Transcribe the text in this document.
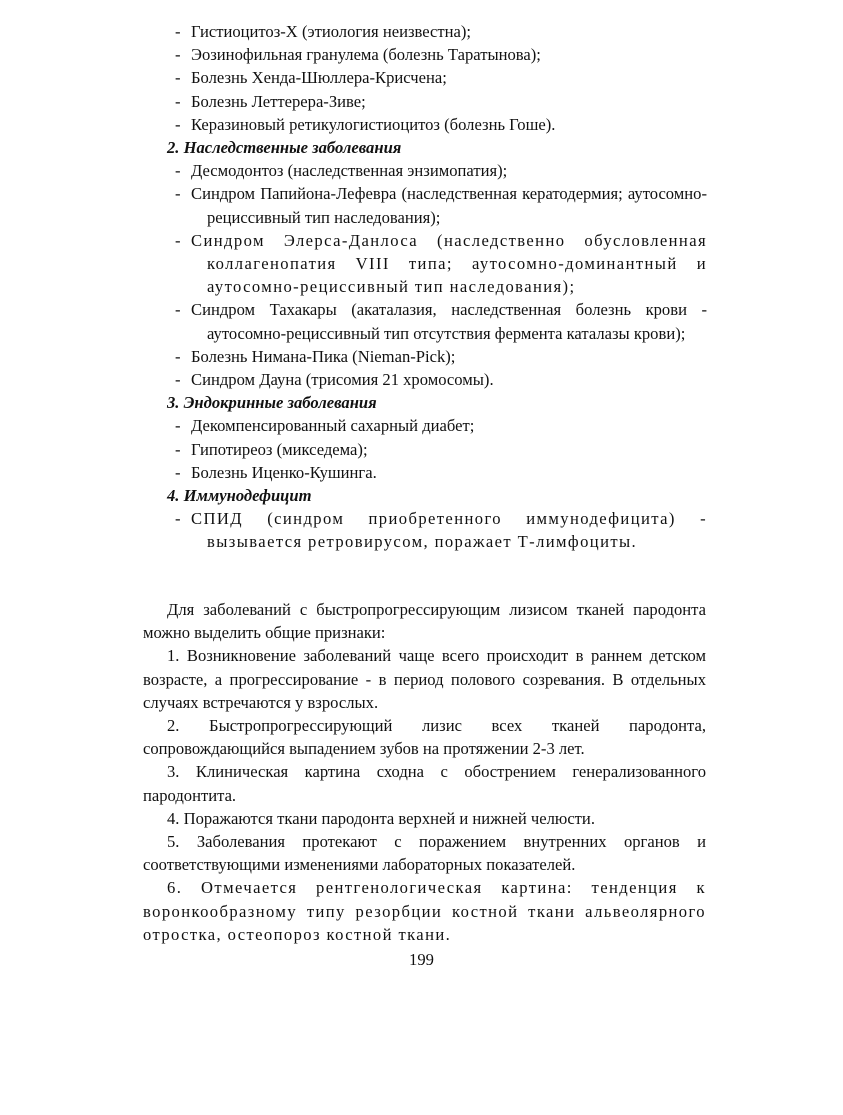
- Гистиоцитоз-Х (этиология неизвестна);
- Эозинофильная гранулема (болезнь Таратынова);
- Болезнь Хенда-Шюллера-Крисчена;
- Болезнь Леттерера-Зиве;
- Керазиновый ретикулогистиоцитоз (болезнь Гоше).
2. Наследственные заболевания
- Десмодонтоз (наследственная энзимопатия);
- Синдром Папийона-Лефевра (наследственная кератодермия; аутосомно-рециссивный тип наследования);
- Синдром Элерса-Данлоса (наследственно обусловленная коллагенопатия VIII типа; аутосомно-доминантный и аутосомно-рециссивный тип наследования);
- Синдром Тахакары (акаталазия, наследственная болезнь крови - аутосомно-рециссивный тип отсутствия фермента каталазы крови);
- Болезнь Нимана-Пика (Nieman-Pick);
- Синдром Дауна (трисомия 21 хромосомы).
3. Эндокринные заболевания
- Декомпенсированный сахарный диабет;
- Гипотиреоз (микседема);
- Болезнь Иценко-Кушинга.
4. Иммунодефицит
- СПИД (синдром приобретенного иммунодефицита) - вызывается ретровирусом, поражает Т-лимфоциты.
Для заболеваний с быстропрогрессирующим лизисом тканей пародонта можно выделить общие признаки:
1. Возникновение заболеваний чаще всего происходит в раннем детском возрасте, а прогрессирование - в период полового созревания. В отдельных случаях встречаются у взрослых.
2. Быстропрогрессирующий лизис всех тканей пародонта, сопровождающийся выпадением зубов на протяжении 2-3 лет.
3. Клиническая картина сходна с обострением генерализованного пародонтита.
4. Поражаются ткани пародонта верхней и нижней челюсти.
5. Заболевания протекают с поражением внутренних органов и соответствующими изменениями лабораторных показателей.
6. Отмечается рентгенологическая картина: тенденция к воронкообразному типу резорбции костной ткани альвеолярного отростка, остеопороз костной ткани.
199
